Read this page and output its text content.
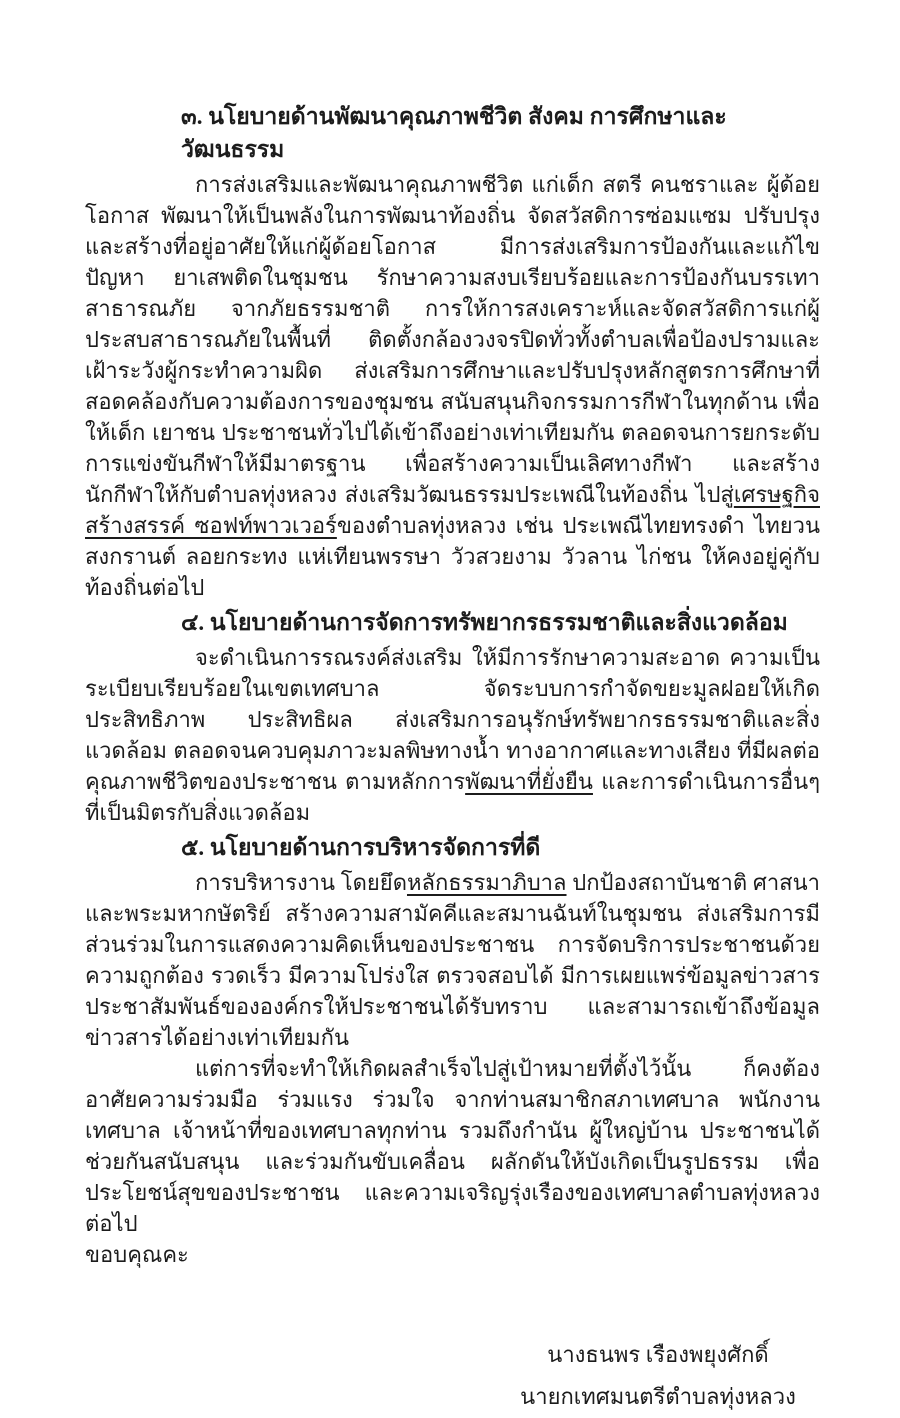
๓. นโยบายด้านพัฒนาคุณภาพชีวิต สังคม การศึกษาและวัฒนธรรม

การส่งเสริมและพัฒนาคุณภาพชีวิต แก่เด็ก สตรี คนชราและ ผู้ด้อยโอกาส พัฒนาให้เป็นพลังในการพัฒนาท้องถิ่น จัดสวัสดิการซ่อมแซม ปรับปรุงและสร้างที่อยู่อาศัยให้แก่ผู้ด้อยโอกาส มีการส่งเสริมการป้องกันและแก้ไขปัญหา ยาเสพติดในชุมชน รักษาความสงบเรียบร้อยและการป้องกันบรรเทาสาธารณภัย จากภัยธรรมชาติ การให้การสงเคราะห์และจัดสวัสดิการแก่ผู้ประสบสาธารณภัยในพื้นที่ ติดตั้งกล้องวงจรปิดทั่วทั้งตำบลเพื่อป้องปรามและเฝ้าระวังผู้กระทำความผิด ส่งเสริมการศึกษาและปรับปรุงหลักสูตรการศึกษาที่สอดคล้องกับความต้องการของชุมชน สนับสนุนกิจกรรมการกีฬาในทุกด้าน เพื่อให้เด็ก เยาชน ประชาชนทั่วไปได้เข้าถึงอย่างเท่าเทียมกัน ตลอดจนการยกระดับการแข่งขันกีฬาให้มีมาตรฐาน เพื่อสร้างความเป็นเลิศทางกีฬา และสร้างนักกีฬาให้กับตำบลทุ่งหลวง ส่งเสริมวัฒนธรรมประเพณีในท้องถิ่น ไปสู่เศรษฐกิจสร้างสรรค์ ซอฟท์พาวเวอร์ของตำบลทุ่งหลวง เช่น ประเพณีไทยทรงดำ ไทยวน สงกรานต์ ลอยกระทง แห่เทียนพรรษา วัวสวยงาม วัวลาน ไก่ชน ให้คงอยู่คู่กับท้องถิ่นต่อไป

๔. นโยบายด้านการจัดการทรัพยากรธรรมชาติและสิ่งแวดล้อม

จะดำเนินการรณรงค์ส่งเสริม ให้มีการรักษาความสะอาด ความเป็นระเบียบเรียบร้อยในเขตเทศบาล จัดระบบการกำจัดขยะมูลฝอยให้เกิดประสิทธิภาพ ประสิทธิผล ส่งเสริมการอนุรักษ์ทรัพยากรธรรมชาติและสิ่งแวดล้อม ตลอดจนควบคุมภาวะมลพิษทางน้ำ ทางอากาศและทางเสียง ที่มีผลต่อคุณภาพชีวิตของประชาชน ตามหลักการพัฒนาที่ยั่งยืน และการดำเนินการอื่นๆที่เป็นมิตรกับสิ่งแวดล้อม

๕. นโยบายด้านการบริหารจัดการที่ดี

การบริหารงาน โดยยึดหลักธรรมาภิบาล ปกป้องสถาบันชาติ ศาสนา และพระมหากษัตริย์ สร้างความสามัคคีและสมานฉันท์ในชุมชน ส่งเสริมการมีส่วนร่วมในการแสดงความคิดเห็นของประชาชน การจัดบริการประชาชนด้วยความถูกต้อง รวดเร็ว มีความโปร่งใส ตรวจสอบได้ มีการเผยแพร่ข้อมูลข่าวสาร ประชาสัมพันธ์ขององค์กรให้ประชาชนได้รับทราบ และสามารถเข้าถึงข้อมูลข่าวสารได้อย่างเท่าเทียมกัน

แต่การที่จะทำให้เกิดผลสำเร็จไปสู่เป้าหมายที่ตั้งไว้นั้น ก็คงต้องอาศัยความร่วมมือ ร่วมแรง ร่วมใจ จากท่านสมาชิกสภาเทศบาล พนักงานเทศบาล เจ้าหน้าที่ของเทศบาลทุกท่าน รวมถึงกำนัน ผู้ใหญ่บ้าน ประชาชนได้ช่วยกันสนับสนุน และร่วมกันขับเคลื่อน ผลักดันให้บังเกิดเป็นรูปธรรม เพื่อประโยชน์สุขของประชาชน และความเจริญรุ่งเรืองของเทศบาลตำบลทุ่งหลวงต่อไป

ขอบคุณคะ

นางธนพร เรืองพยุงศักดิ์
นายกเทศมนตรีตำบลทุ่งหลวง
